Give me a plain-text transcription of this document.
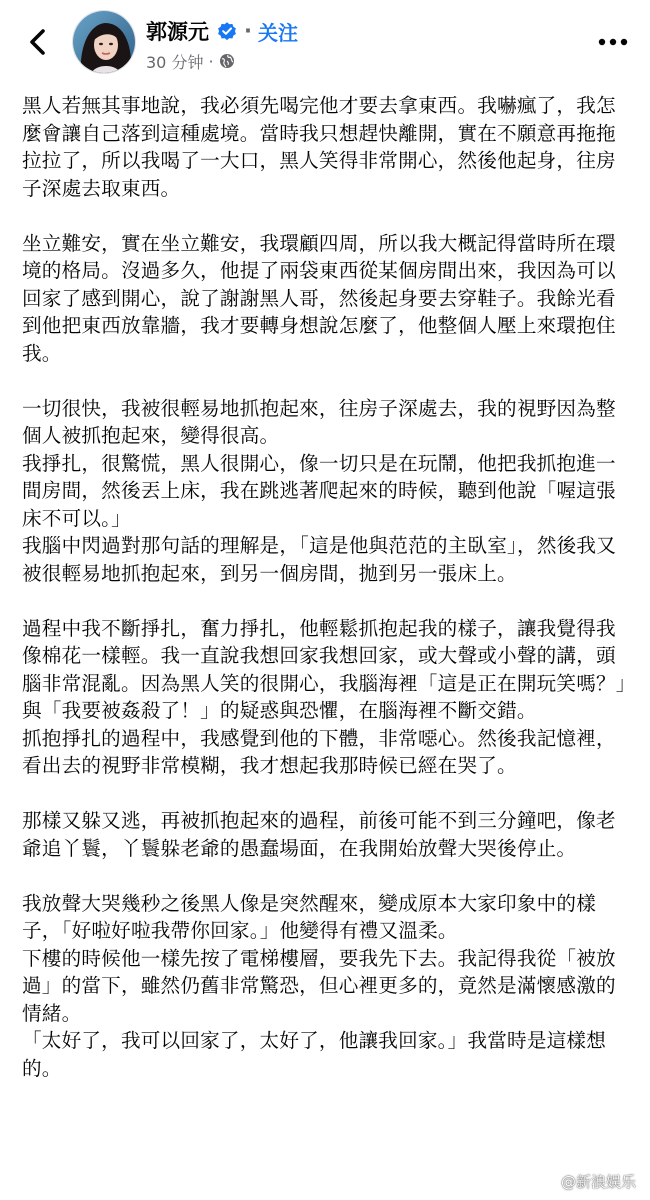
郭源元 · 关注
30 分钟 ·

黑人若無其事地說，我必須先喝完他才要去拿東西。我嚇瘋了，我怎麼會讓自己落到這種處境。當時我只想趕快離開，實在不願意再拖拖拉拉了，所以我喝了一大口，黑人笑得非常開心，然後他起身，往房子深處去取東西。

坐立難安，實在坐立難安，我環顧四周，所以我大概記得當時所在環境的格局。沒過多久，他提了兩袋東西從某個房間出來，我因為可以回家了感到開心，說了謝謝黑人哥，然後起身要去穿鞋子。我餘光看到他把東西放靠牆，我才要轉身想說怎麼了，他整個人壓上來環抱住我。

一切很快，我被很輕易地抓抱起來，往房子深處去，我的視野因為整個人被抓抱起來，變得很高。
我掙扎，很驚慌，黑人很開心，像一切只是在玩鬧，他把我抓抱進一間房間，然後丟上床，我在跳逃著爬起來的時候，聽到他說「喔這張床不可以。」
我腦中閃過對那句話的理解是，「這是他與范范的主臥室」，然後我又被很輕易地抓抱起來，到另一個房間，拋到另一張床上。

過程中我不斷掙扎，奮力掙扎，他輕鬆抓抱起我的樣子，讓我覺得我像棉花一樣輕。我一直說我想回家我想回家，或大聲或小聲的講，頭腦非常混亂。因為黑人笑的很開心，我腦海裡「這是正在開玩笑嗎？」與「我要被姦殺了！」的疑惑與恐懼，在腦海裡不斷交錯。
抓抱掙扎的過程中，我感覺到他的下體，非常噁心。然後我記憶裡，看出去的視野非常模糊，我才想起我那時候已經在哭了。

那樣又躲又逃，再被抓抱起來的過程，前後可能不到三分鐘吧，像老爺追丫鬟，丫鬟躲老爺的愚蠢場面，在我開始放聲大哭後停止。

我放聲大哭幾秒之後黑人像是突然醒來，變成原本大家印象中的樣子，「好啦好啦我帶你回家。」他變得有禮又溫柔。
下樓的時候他一樣先按了電梯樓層，要我先下去。我記得我從「被放過」的當下，雖然仍舊非常驚恐，但心裡更多的，竟然是滿懷感激的情緒。
「太好了，我可以回家了，太好了，他讓我回家。」我當時是這樣想的。

@新浪娱乐
